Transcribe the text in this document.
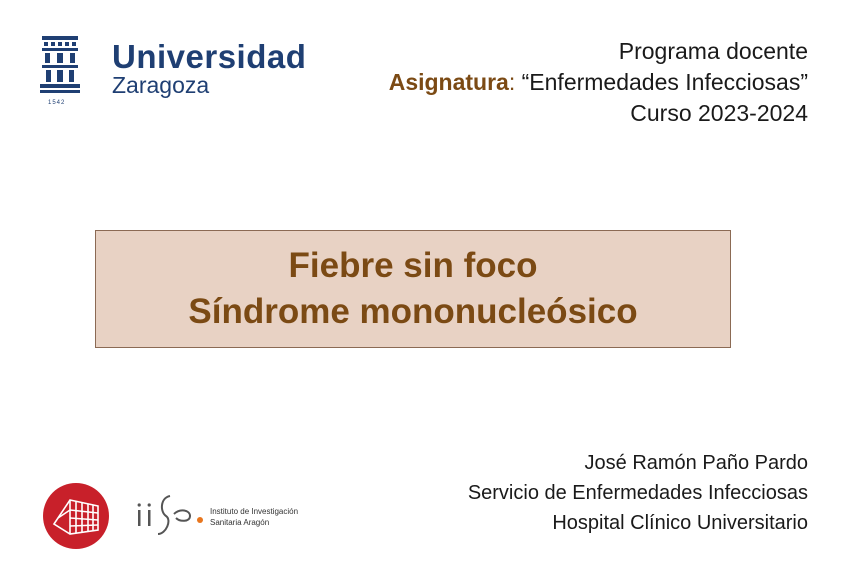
1542
Universidad
Zaragoza
Programa docente
Asignatura: “Enfermedades Infecciosas”
Curso 2023-2024
Fiebre sin foco
Síndrome mononucleósico
José Ramón Paño Pardo
Servicio de Enfermedades Infecciosas
Hospital Clínico Universitario
Instituto de Investigación
Sanitaria Aragón
